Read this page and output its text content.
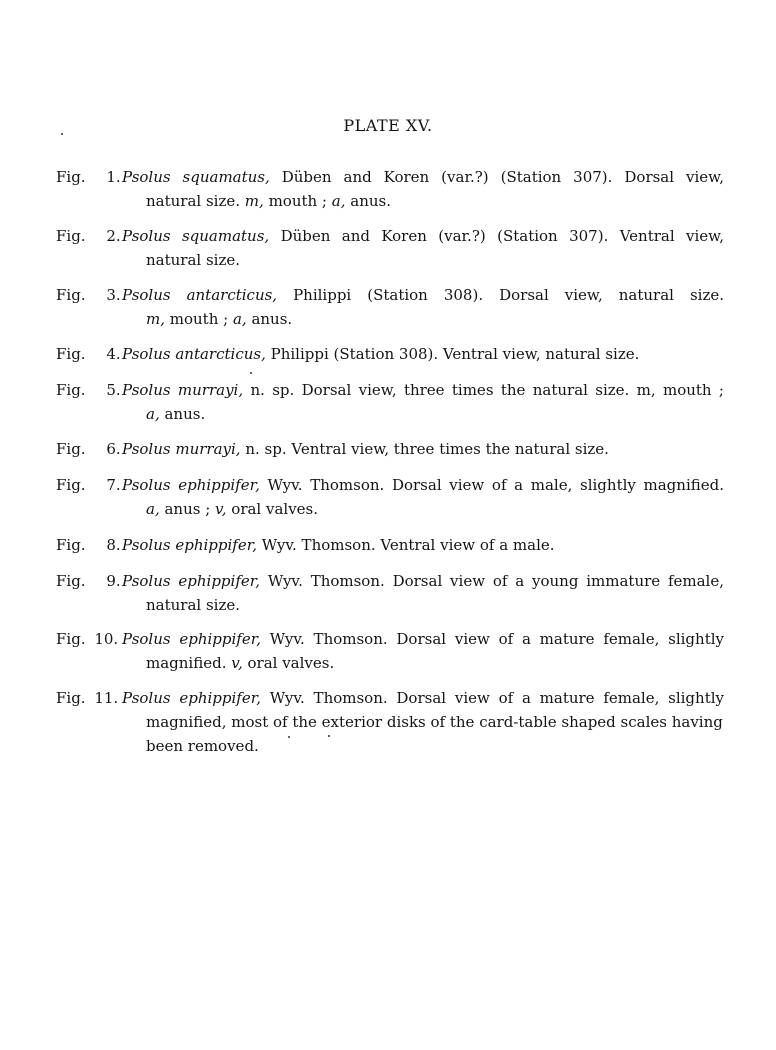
PLATE XV.
Fig. 1. Psolus squamatus, Düben and Koren (var.?) (Station 307). Dorsal view,
natural size. m, mouth ; a, anus.
Fig. 2. Psolus squamatus, Düben and Koren (var.?) (Station 307). Ventral view,
natural size.
Fig. 3. Psolus antarcticus, Philippi (Station 308). Dorsal view, natural size.
m, mouth ; a, anus.
Fig. 4. Psolus antarcticus, Philippi (Station 308). Ventral view, natural size.
Fig. 5. Psolus murrayi, n. sp. Dorsal view, three times the natural size. m, mouth ;
a, anus.
Fig. 6. Psolus murrayi, n. sp. Ventral view, three times the natural size.
Fig. 7. Psolus ephippifer, Wyv. Thomson. Dorsal view of a male, slightly magnified.
a, anus ; v, oral valves.
Fig. 8. Psolus ephippifer, Wyv. Thomson. Ventral view of a male.
Fig. 9. Psolus ephippifer, Wyv. Thomson. Dorsal view of a young immature female,
natural size.
Fig. 10. Psolus ephippifer, Wyv. Thomson. Dorsal view of a mature female, slightly
magnified. v, oral valves.
Fig. 11. Psolus ephippifer, Wyv. Thomson. Dorsal view of a mature female, slightly
magnified, most of the exterior disks of the card-table shaped scales having
been removed.
